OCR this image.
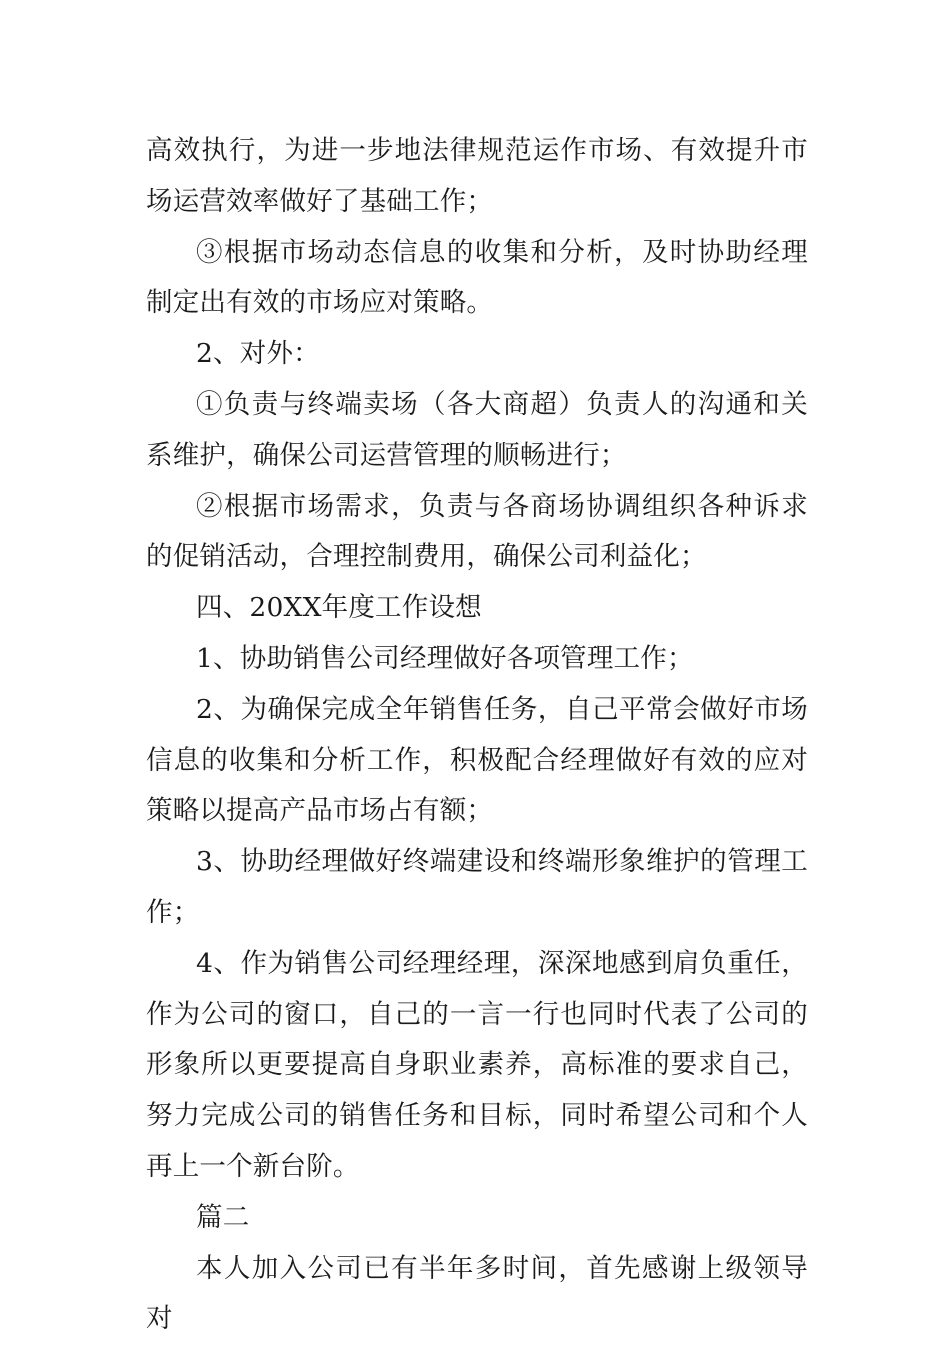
高效执行，为进一步地法律规范运作市场、有效提升市场运营效率做好了基础工作；

③根据市场动态信息的收集和分析，及时协助经理制定出有效的市场应对策略。

2、对外：

①负责与终端卖场（各大商超）负责人的沟通和关系维护，确保公司运营管理的顺畅进行；

②根据市场需求，负责与各商场协调组织各种诉求的促销活动，合理控制费用，确保公司利益化；

四、20XX年度工作设想

1、协助销售公司经理做好各项管理工作；

2、为确保完成全年销售任务，自己平常会做好市场信息的收集和分析工作，积极配合经理做好有效的应对策略以提高产品市场占有额；

3、协助经理做好终端建设和终端形象维护的管理工作；

4、作为销售公司经理经理，深深地感到肩负重任，作为公司的窗口，自己的一言一行也同时代表了公司的形象所以更要提高自身职业素养，高标准的要求自己，努力完成公司的销售任务和目标，同时希望公司和个人再上一个新台阶。

篇二

本人加入公司已有半年多时间，首先感谢上级领导对
